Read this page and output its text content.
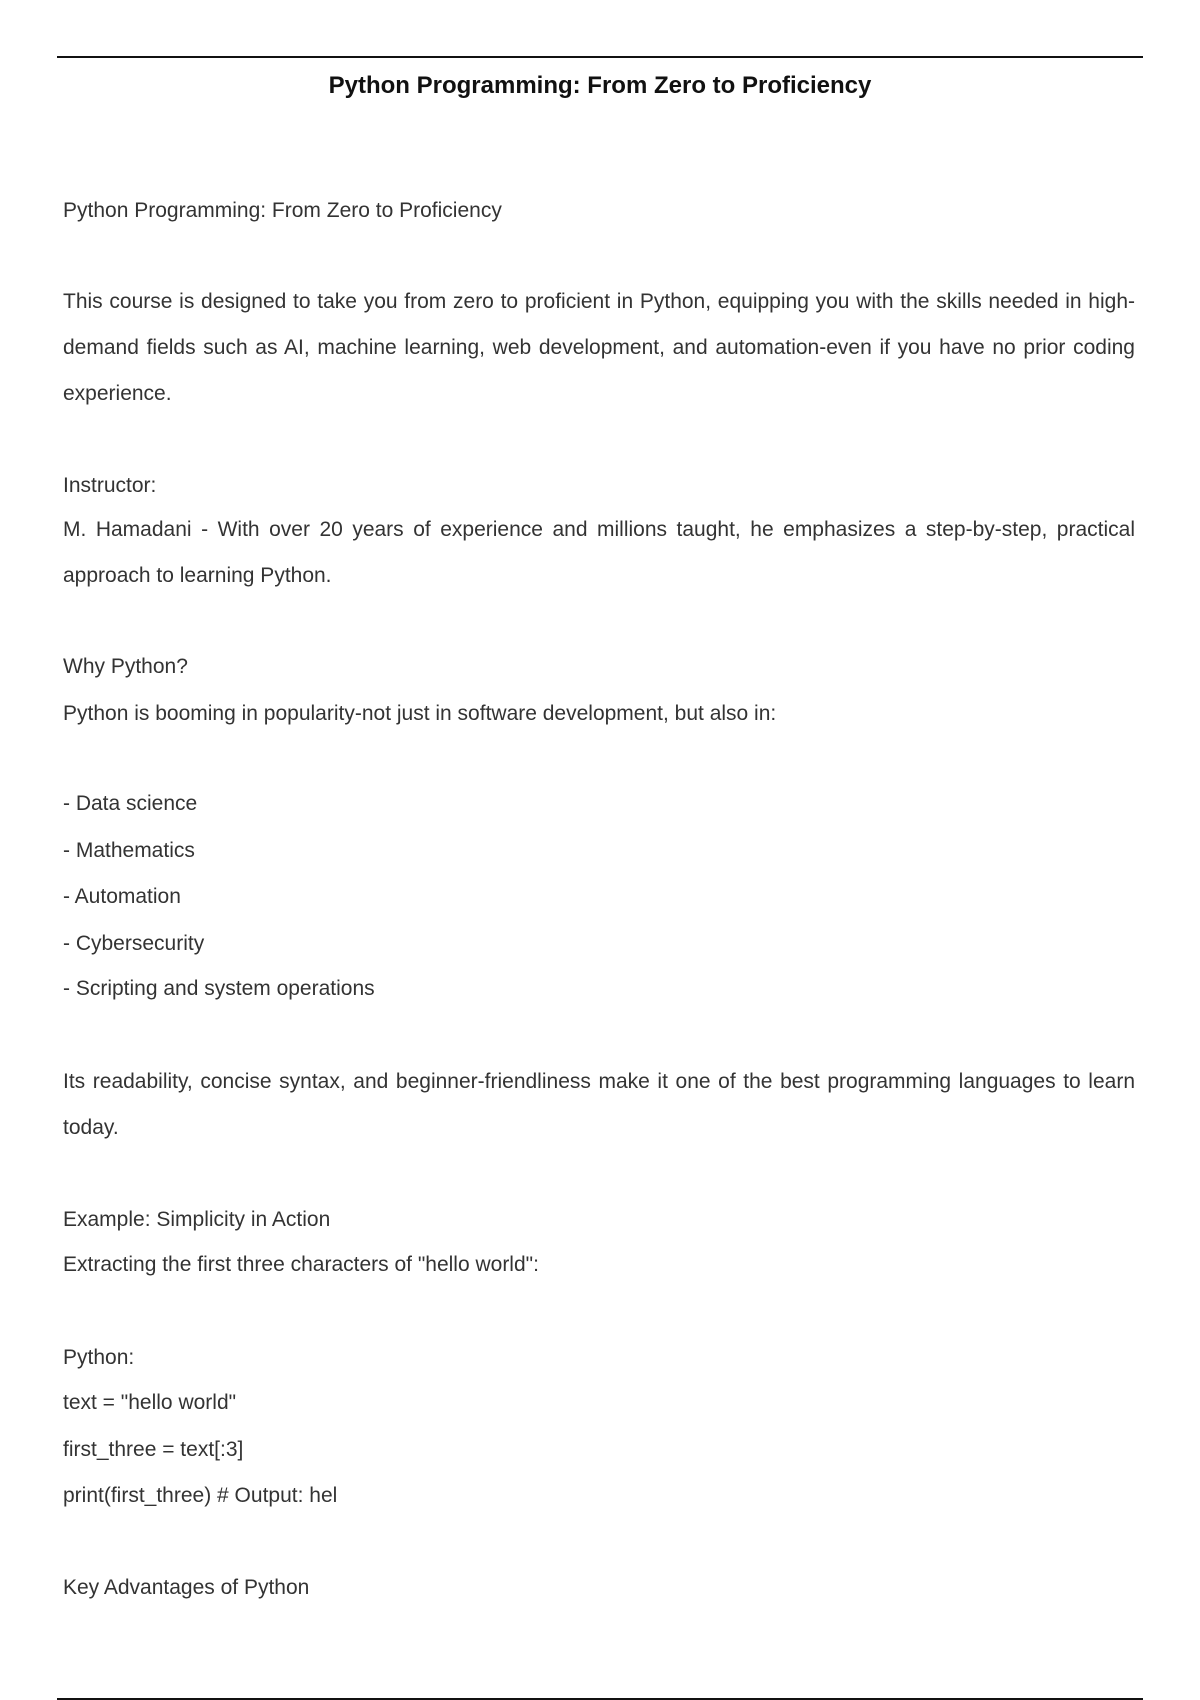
Python Programming: From Zero to Proficiency

Python Programming: From Zero to Proficiency

This course is designed to take you from zero to proficient in Python, equipping you with the skills needed in high-demand fields such as AI, machine learning, web development, and automation-even if you have no prior coding experience.

Instructor:

M. Hamadani - With over 20 years of experience and millions taught, he emphasizes a step-by-step, practical approach to learning Python.

Why Python?

Python is booming in popularity-not just in software development, but also in:

- Data science

- Mathematics

- Automation

- Cybersecurity

- Scripting and system operations

Its readability, concise syntax, and beginner-friendliness make it one of the best programming languages to learn today.

Example: Simplicity in Action

Extracting the first three characters of "hello world":

Python:

text = "hello world"

first_three = text[:3]

print(first_three) # Output: hel

Key Advantages of Python
